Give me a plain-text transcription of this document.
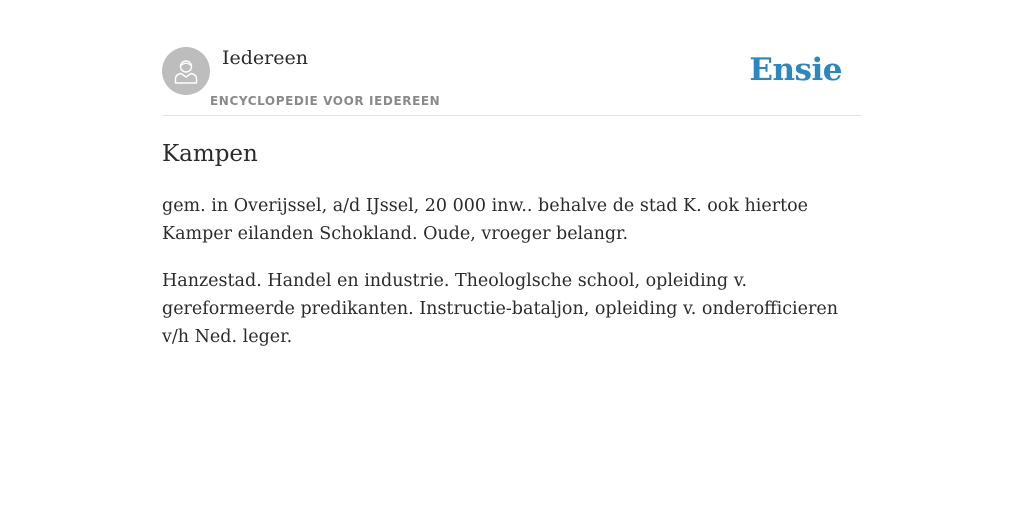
Iedereen
ENCYCLOPEDIE VOOR IEDEREEN
Ensie
Kampen

gem. in Overijssel, a/d IJssel, 20 000 inw.. behalve de stad K. ook hiertoe Kamper eilanden Schokland. Oude, vroeger belangr.

Hanzestad. Handel en industrie. Theologlsche school, opleiding v. gereformeerde predikanten. Instructie-bataljon, opleiding v. onderofficieren v/h Ned. leger.
